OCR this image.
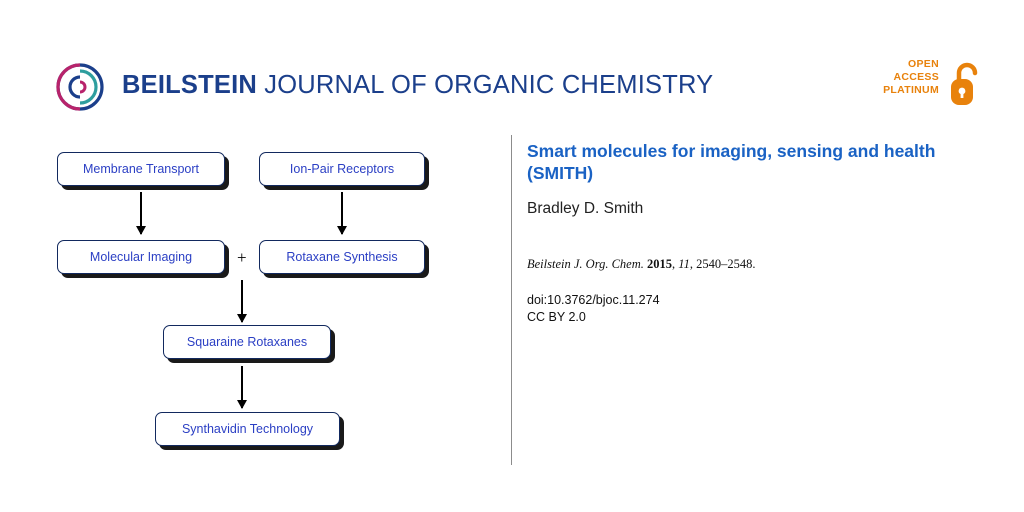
BEILSTEIN JOURNAL OF ORGANIC CHEMISTRY
OPEN
ACCESS
PLATINUM
Membrane Transport	Ion-Pair Receptors
Molecular Imaging	+	Rotaxane Synthesis
Squaraine Rotaxanes
Synthavidin Technology
Smart molecules for imaging, sensing and health (SMITH)
Bradley D. Smith
Beilstein J. Org. Chem. 2015, 11, 2540–2548.
doi:10.3762/bjoc.11.274
CC BY 2.0
